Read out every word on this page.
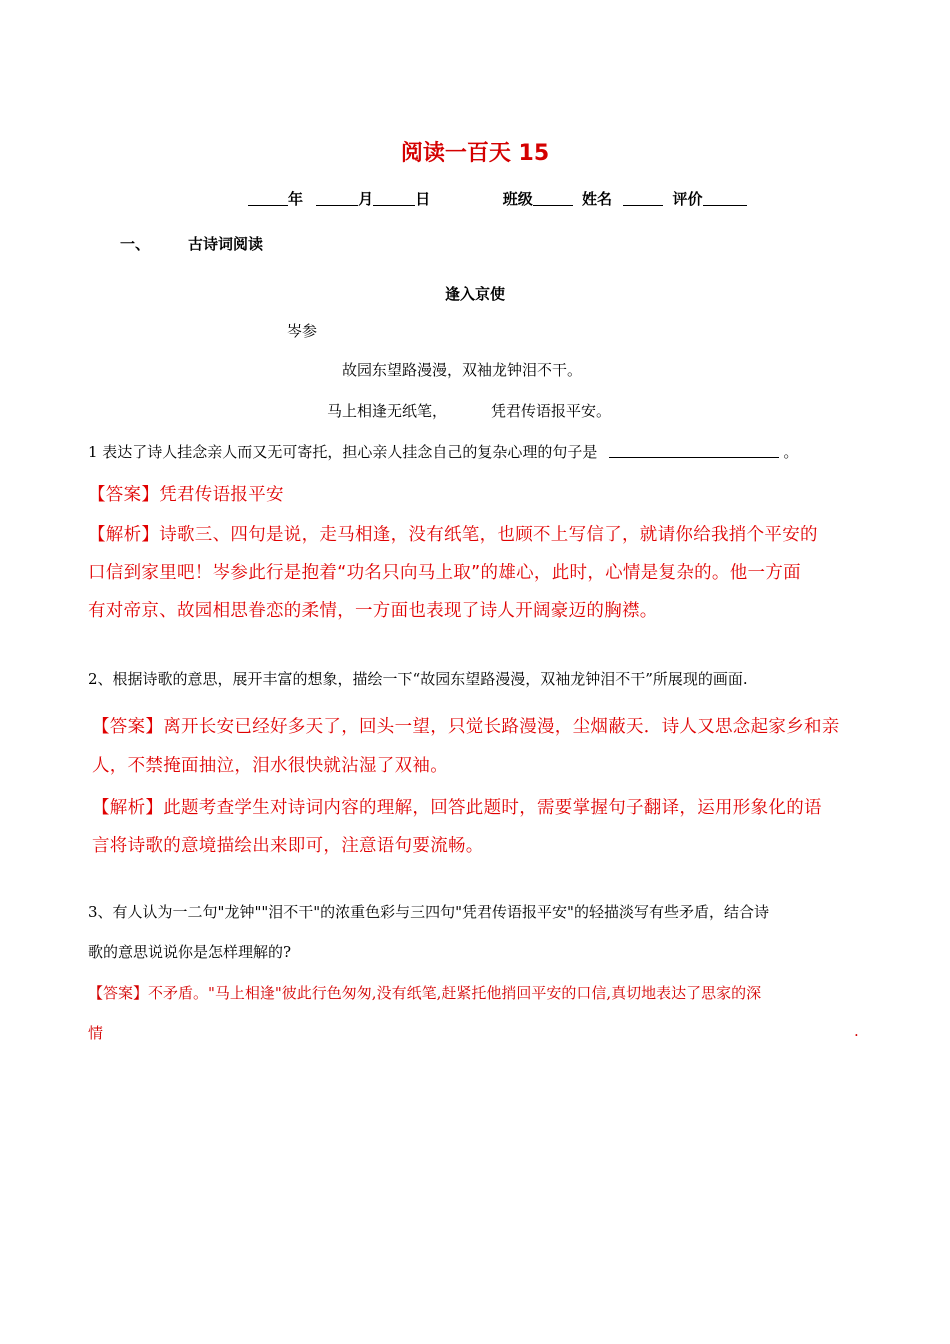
阅读一百天 15
年	月	日	班级	姓名	评价
一、	古诗词阅读
逢入京使
岑参
故园东望路漫漫，双袖龙钟泪不干。
马上相逢无纸笔，	凭君传语报平安。
1 表达了诗人挂念亲人而又无可寄托，担心亲人挂念自己的复杂心理的句子是	。
【答案】凭君传语报平安
【解析】诗歌三、四句是说，走马相逢，没有纸笔，也顾不上写信了，就请你给我捎个平安的
口信到家里吧！岑参此行是抱着“功名只向马上取”的雄心，此时，心情是复杂的。他一方面
有对帝京、故园相思眷恋的柔情，一方面也表现了诗人开阔豪迈的胸襟。
2、根据诗歌的意思，展开丰富的想象，描绘一下“故园东望路漫漫，双袖龙钟泪不干”所展现的画面.
【答案】离开长安已经好多天了，回头一望，只觉长路漫漫，尘烟蔽天．诗人又思念起家乡和亲
人，不禁掩面抽泣，泪水很快就沾湿了双袖。
【解析】此题考查学生对诗词内容的理解，回答此题时，需要掌握句子翻译，运用形象化的语
言将诗歌的意境描绘出来即可，注意语句要流畅。
3、有人认为一二句"龙钟""泪不干"的浓重色彩与三四句"凭君传语报平安"的轻描淡写有些矛盾，结合诗
歌的意思说说你是怎样理解的?
【答案】不矛盾。"马上相逢"彼此行色匆匆,没有纸笔,赶紧托他捎回平安的口信,真切地表达了思家的深
情	.
